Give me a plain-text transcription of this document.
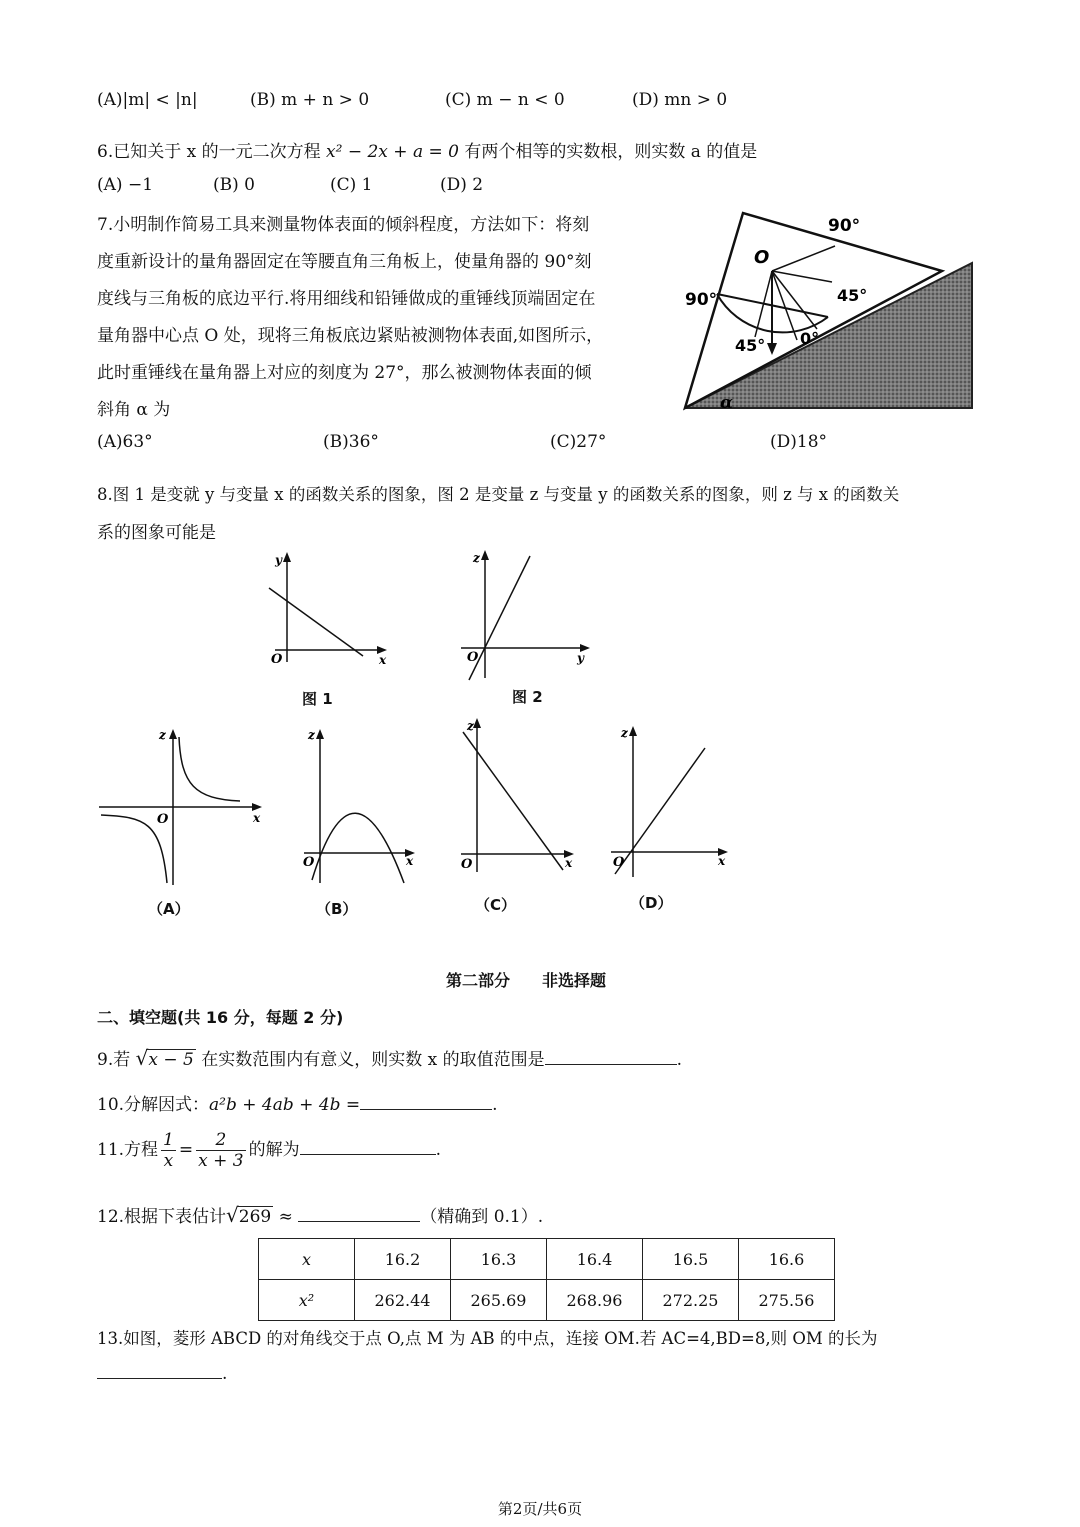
(A)|m| < |n|	(B) m + n > 0	(C) m − n < 0	(D) mn > 0
6.已知关于 x 的一元二次方程 x² − 2x + a = 0 有两个相等的实数根，则实数 a 的值是
(A) −1	(B) 0	(C) 1	(D) 2
7.小明制作简易工具来测量物体表面的倾斜程度，方法如下：将刻
度重新设计的量角器固定在等腰直角三角板上，使量角器的 90°刻
度线与三角板的底边平行.将用细线和铅锤做成的重锤线顶端固定在
量角器中心点 O 处，现将三角板底边紧贴被测物体表面,如图所示，
此时重锤线在量角器上对应的刻度为 27°，那么被测物体表面的倾
斜角 α 为
90°
90°	45°
45° 0°
O
α
(A)63°	(B)36°	(C)27°	(D)18°
8.图 1 是变就 y 与变量 x 的函数关系的图象，图 2 是变量 z 与变量 y 的函数关系的图象，则 z 与 x 的函数关
系的图象可能是
y
x
O
图 1
z
y
O
图 2
z
x
O
（A）
z
x
O
（B）
z
x
O
（C）
z
x
O
（D）
第二部分　　非选择题
二、填空题(共 16 分，每题 2 分)
9.若 √x − 5 在实数范围内有意义，则实数 x 的取值范围是	.
10.分解因式：a²b + 4ab + 4b =	.
11.方程 $\frac{1}{x} = \frac{2}{x + 3}$ 的解为	.
12.根据下表估计√269 ≈	（精确到 0.1）.
x	16.2	16.3	16.4	16.5	16.6
x²	262.44	265.69	268.96	272.25	275.56
13.如图，菱形 ABCD 的对角线交于点 O,点 M 为 AB 的中点，连接 OM.若 AC=4,BD=8,则 OM 的长为
.
第2页/共6页
